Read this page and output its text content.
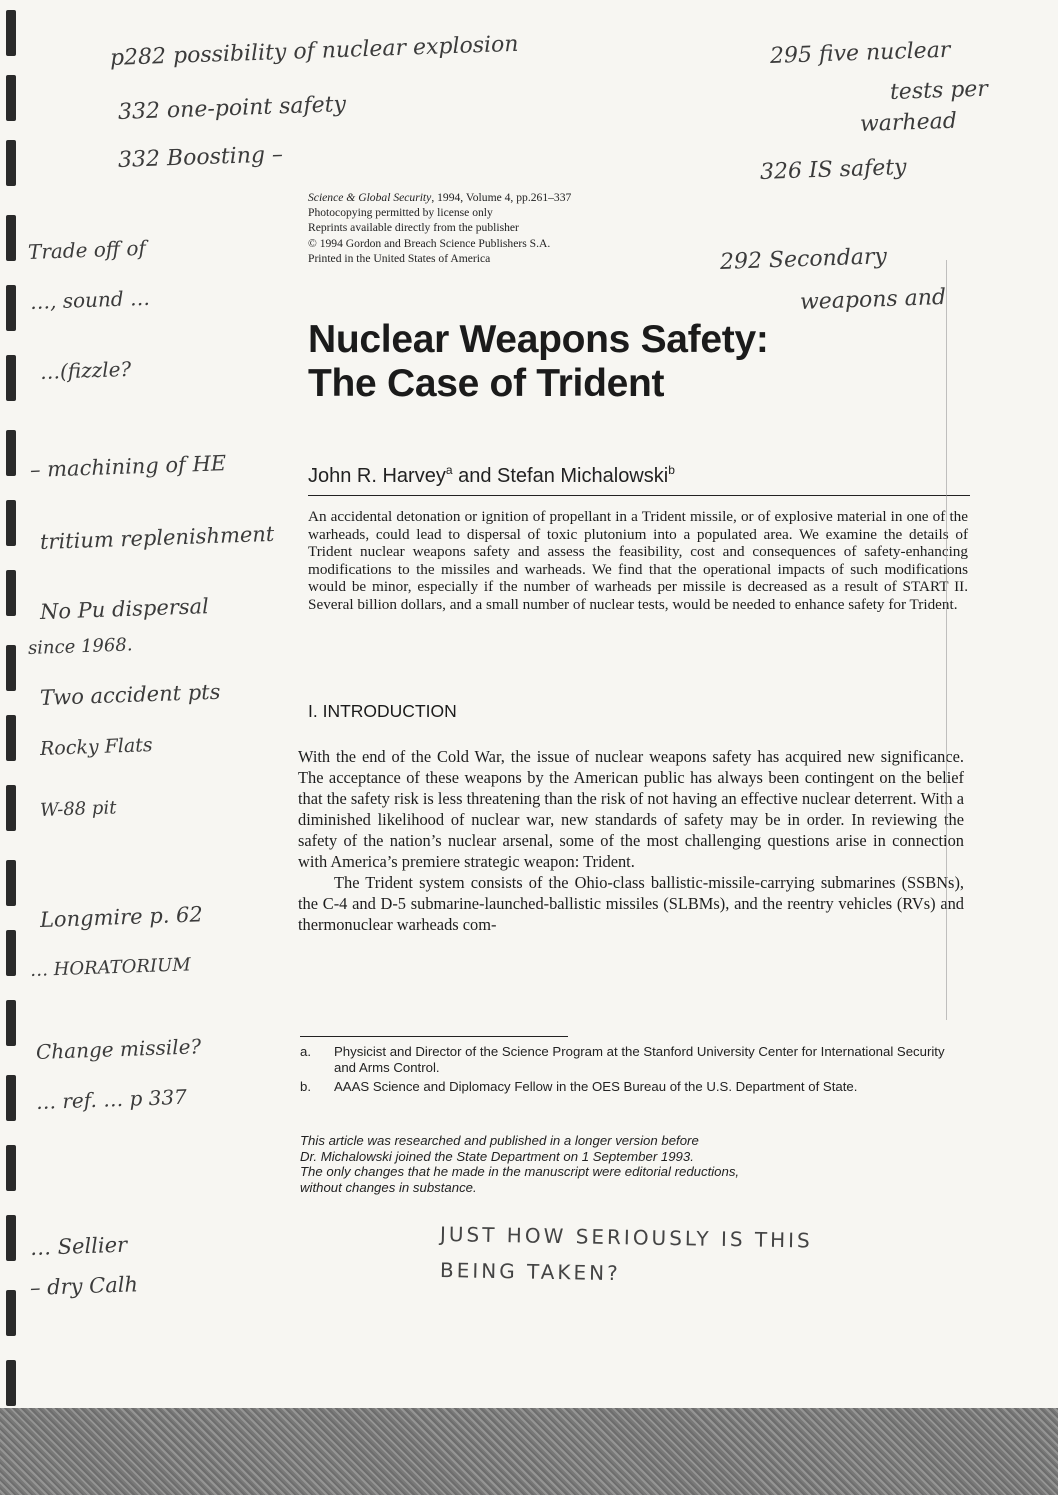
p282 possibility of nuclear explosion

332 one-point safety

332 Boosting –

295 five nuclear

tests per

warhead

326 IS safety

292 Secondary

weapons and

Trade off of

…, sound …

…(fizzle?

– machining of HE

tritium replenishment

No Pu dispersal

since 1968.

Two accident pts

Rocky Flats

W-88 pit

Longmire p. 62

… HORATORIUM

Change missile?

… ref. … p 337

… Sellier

– dry Calh

Science & Global Security, 1994, Volume 4, pp.261–337
Photocopying permitted by license only
Reprints available directly from the publisher
© 1994 Gordon and Breach Science Publishers S.A.
Printed in the United States of America
Nuclear Weapons Safety:
The Case of Trident
John R. Harvey$^a$ and Stefan Michalowski$^b$

An accidental detonation or ignition of propellant in a Trident missile, or of explosive material in one of the warheads, could lead to dispersal of toxic plutonium into a populated area. We examine the details of Trident nuclear weapons safety and assess the feasibility, cost and consequences of safety-enhancing modifications to the missiles and warheads. We find that the operational impacts of such modifications would be minor, especially if the number of warheads per missile is decreased as a result of START II. Several billion dollars, and a small number of nuclear tests, would be needed to enhance safety for Trident.

I. INTRODUCTION

With the end of the Cold War, the issue of nuclear weapons safety has acquired new significance. The acceptance of these weapons by the American public has always been contingent on the belief that the safety risk is less threatening than the risk of not having an effective nuclear deterrent. With a diminished likelihood of nuclear war, new standards of safety may be in order. In reviewing the safety of the nation’s nuclear arsenal, some of the most challenging questions arise in connection with America’s premiere strategic weapon: Trident.

The Trident system consists of the Ohio-class ballistic-missile-carrying submarines (SSBNs), the C-4 and D-5 submarine-launched-ballistic missiles (SLBMs), and the reentry vehicles (RVs) and thermonuclear warheads com-

a.	Physicist and Director of the Science Program at the Stanford University Center for International Security and Arms Control.
b.	AAAS Science and Diplomacy Fellow in the OES Bureau of the U.S. Department of State.

This article was researched and published in a longer version before
Dr. Michalowski joined the State Department on 1 September 1993.
The only changes that he made in the manuscript were editorial reductions,
without changes in substance.

JUST HOW SERIOUSLY IS THIS

BEING TAKEN?
